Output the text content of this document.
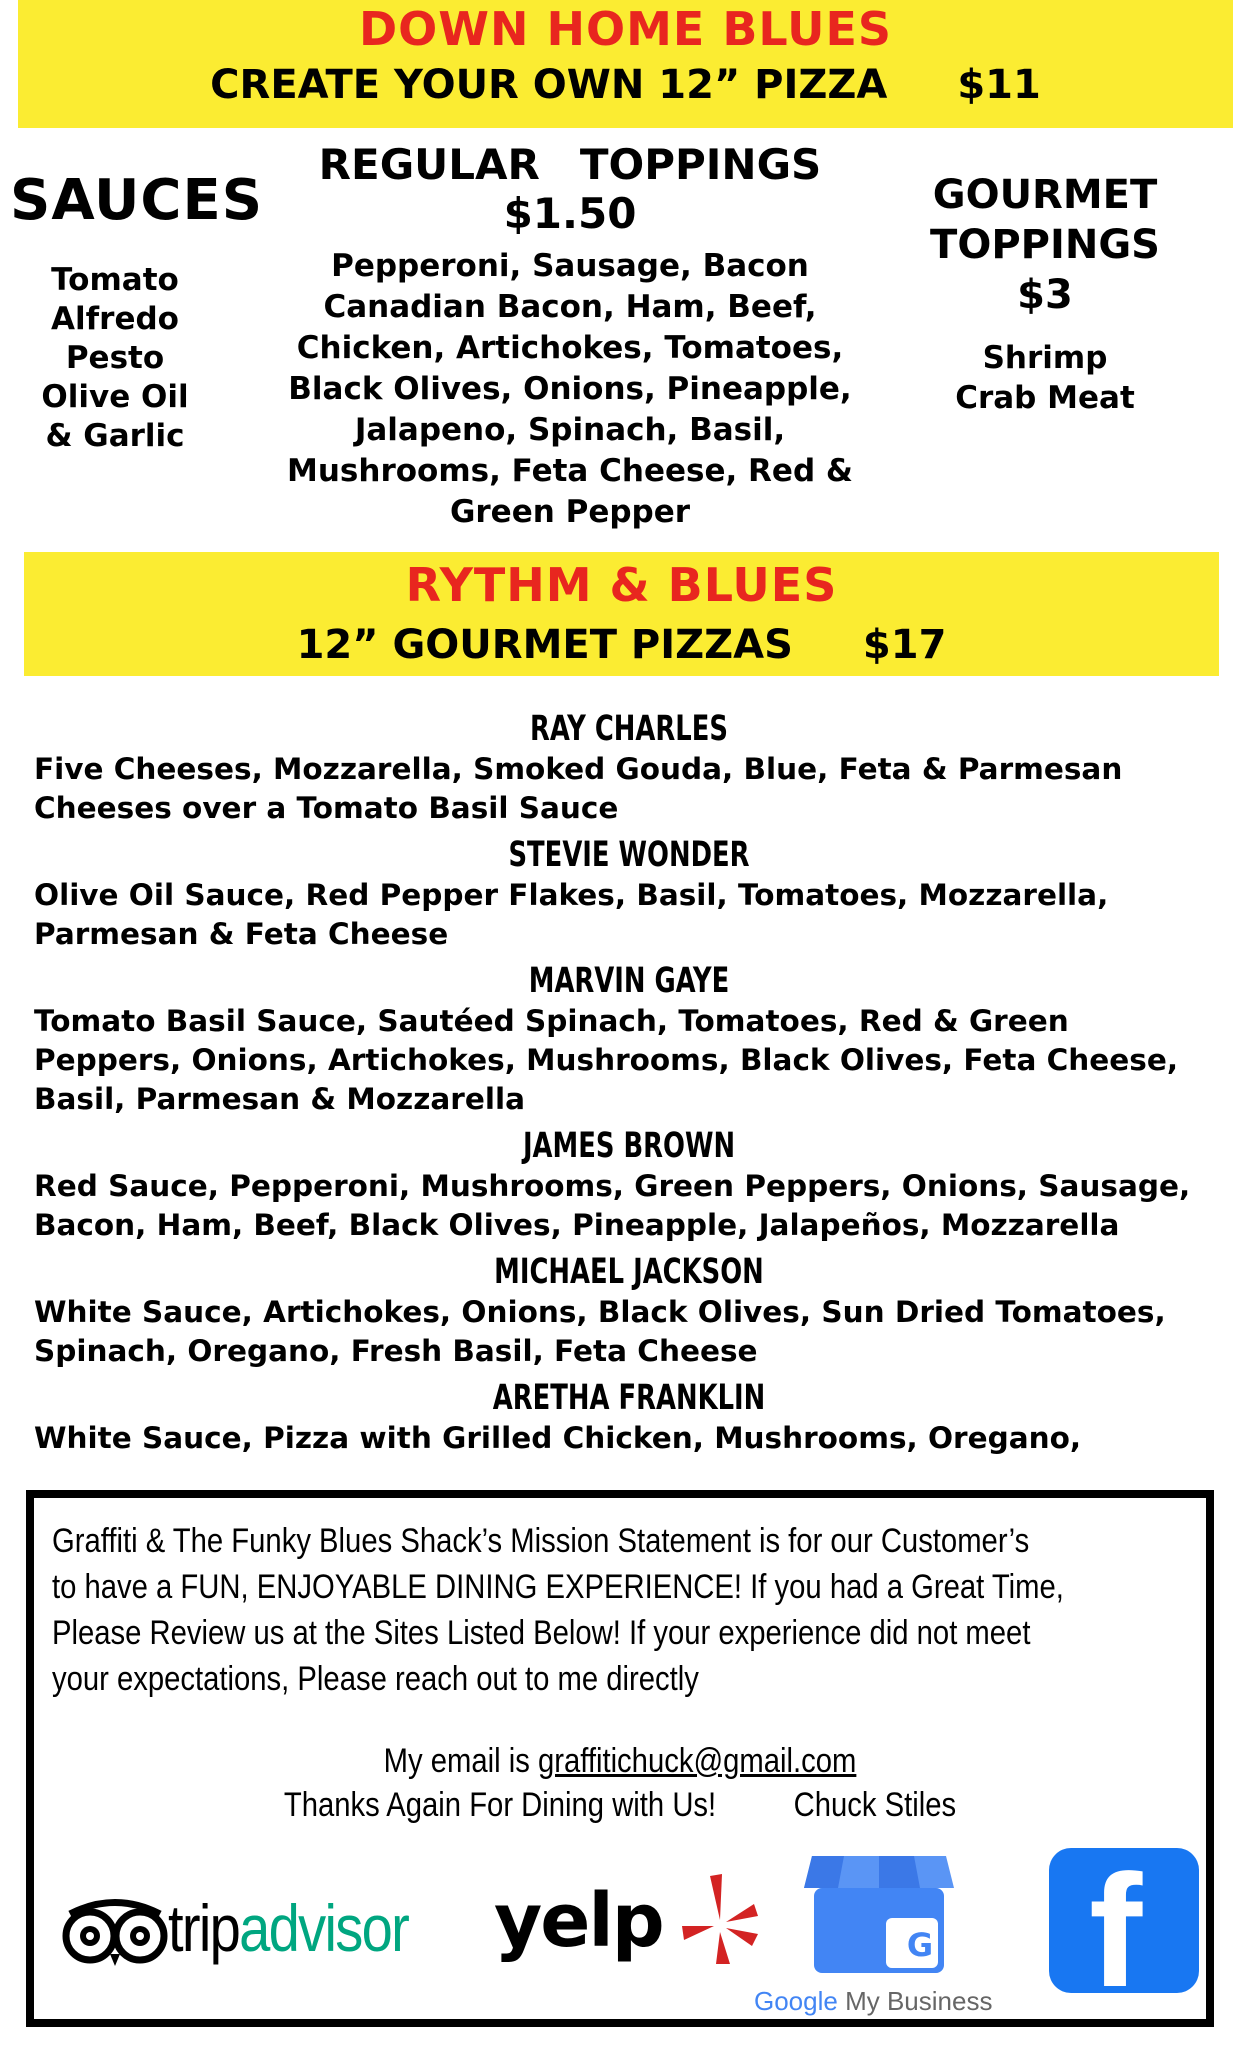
DOWN HOME BLUES
CREATE YOUR OWN 12” PIZZA $11
SAUCES
Tomato
Alfredo
Pesto
Olive Oil
& Garlic
REGULAR TOPPINGS $1.50
Pepperoni, Sausage, Bacon
Canadian Bacon, Ham, Beef,
Chicken, Artichokes, Tomatoes,
Black Olives, Onions, Pineapple,
Jalapeno, Spinach, Basil,
Mushrooms, Feta Cheese, Red &
Green Pepper
GOURMET
TOPPINGS $3
Shrimp
Crab Meat
RYTHM & BLUES
12” GOURMET PIZZAS $17
RAY CHARLES
Five Cheeses, Mozzarella, Smoked Gouda, Blue, Feta & Parmesan
Cheeses over a Tomato Basil Sauce
STEVIE WONDER
Olive Oil Sauce, Red Pepper Flakes, Basil, Tomatoes, Mozzarella,
Parmesan & Feta Cheese
MARVIN GAYE
Tomato Basil Sauce, Sautéed Spinach, Tomatoes, Red & Green
Peppers, Onions, Artichokes, Mushrooms, Black Olives, Feta Cheese,
Basil, Parmesan & Mozzarella
JAMES BROWN
Red Sauce, Pepperoni, Mushrooms, Green Peppers, Onions, Sausage,
Bacon, Ham, Beef, Black Olives, Pineapple, Jalapeños, Mozzarella
MICHAEL JACKSON
White Sauce, Artichokes, Onions, Black Olives, Sun Dried Tomatoes,
Spinach, Oregano, Fresh Basil, Feta Cheese
ARETHA FRANKLIN
White Sauce, Pizza with Grilled Chicken, Mushrooms, Oregano,
Graffiti & The Funky Blues Shack’s Mission Statement is for our Customer’s
to have a FUN, ENJOYABLE DINING EXPERIENCE! If you had a Great Time,
Please Review us at the Sites Listed Below! If your experience did not meet
your expectations, Please reach out to me directly
My email is graffitichuck@gmail.com
Thanks Again For Dining with Us! Chuck Stiles
tripadvisor yelp	G
Google My Business f
